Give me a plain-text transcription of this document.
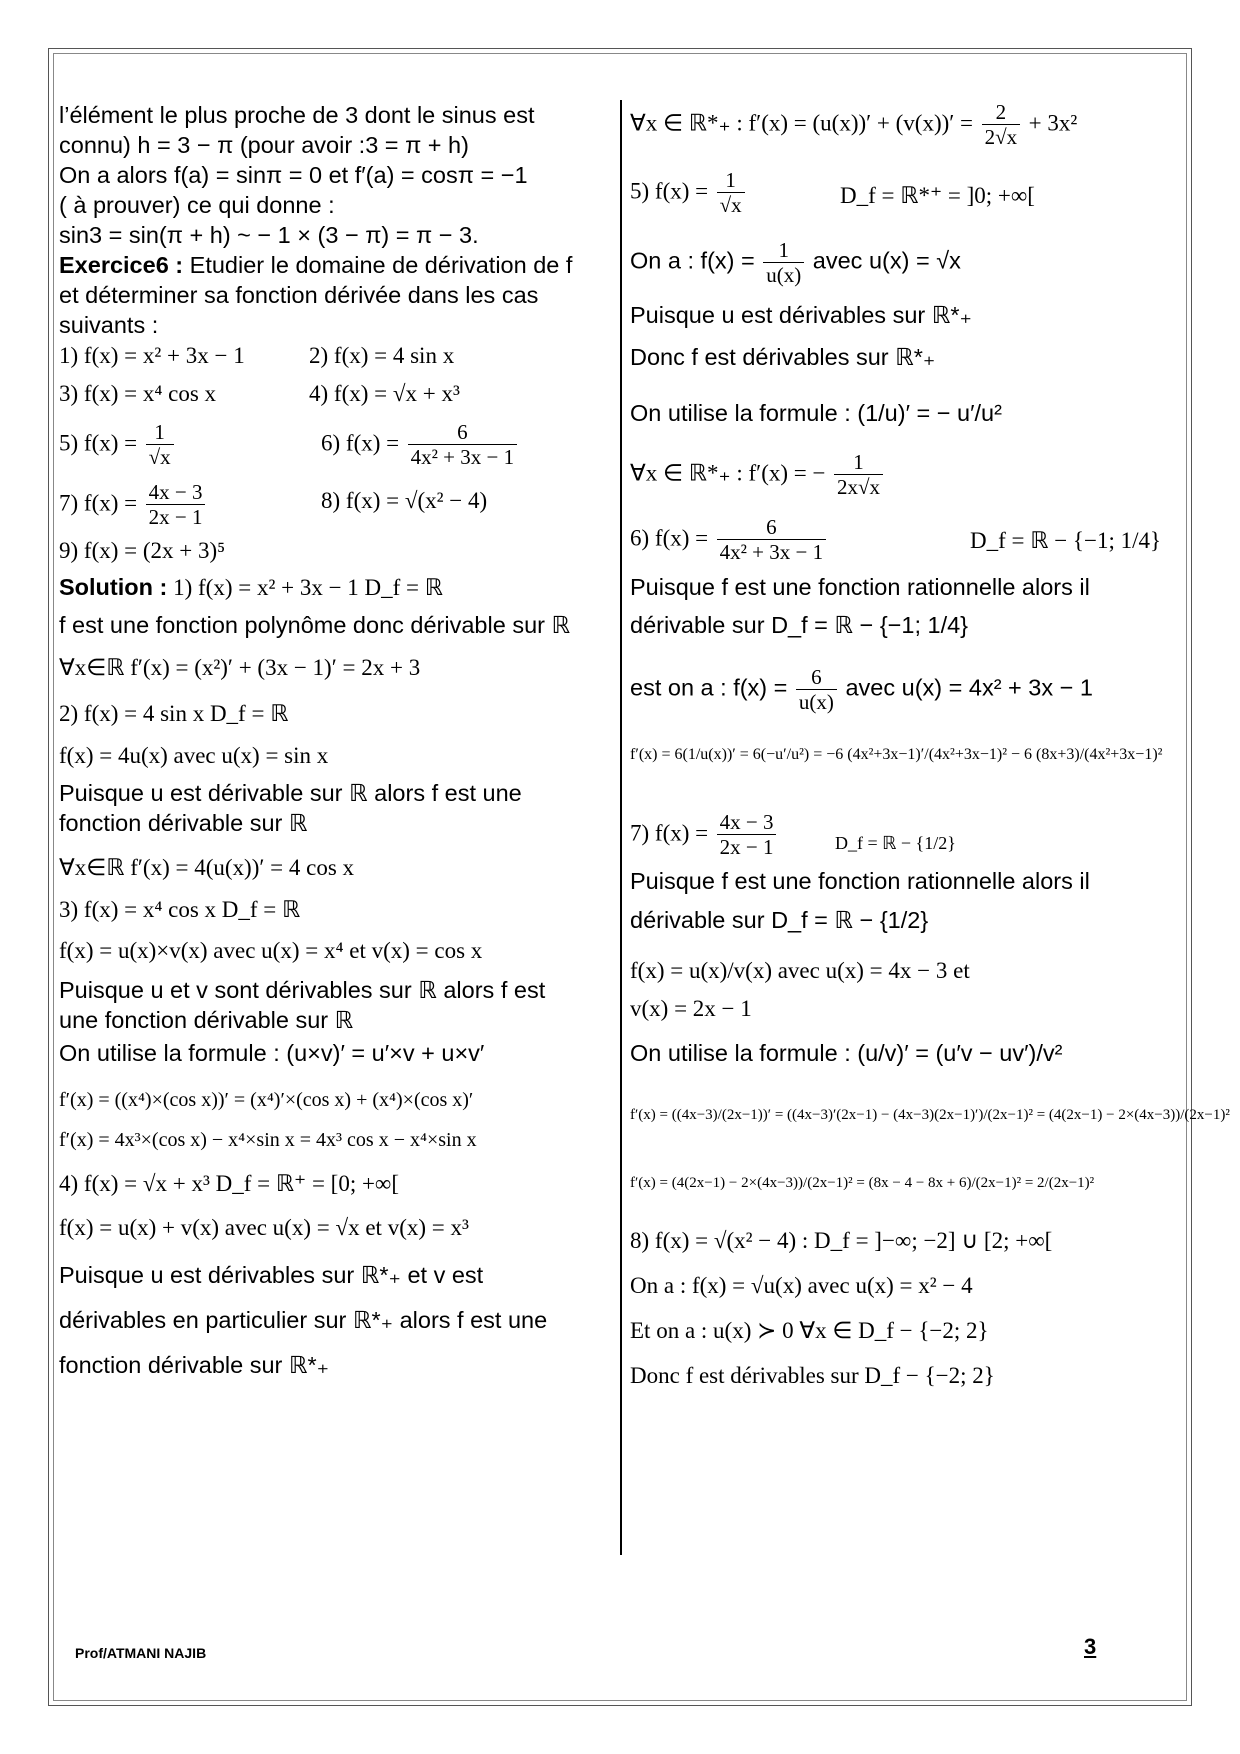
l’élément le plus proche de 3 dont le sinus est
connu) h = 3 − π (pour avoir :3 = π + h)
On a alors f(a) = sinπ = 0 et f′(a) = cosπ = −1
( à prouver) ce qui donne :
sin3 = sin(π + h) ~ − 1 × (3 − π) = π − 3.
Exercice6 : Etudier le domaine de dérivation de f
et déterminer sa fonction dérivée dans les cas
suivants :
1) f(x) = x² + 3x − 1	2) f(x) = 4 sin x
3) f(x) = x⁴ cos x	4) f(x) = √x + x³
5) $f(x) = \frac{1}{√x}$	6) $f(x) = \frac{6}{\text{4x² + 3x − 1}}$
7) $f(x) = \frac{4x - 3}{2x - 1}$	8) f(x) = √(x² − 4)
9) f(x) = (2x + 3)⁵
Solution : 1) f(x) = x² + 3x − 1 D_f = ℝ
f est une fonction polynôme donc dérivable sur ℝ
∀x∈ℝ f′(x) = (x²)′ + (3x − 1)′ = 2x + 3
2) f(x) = 4 sin x D_f = ℝ
f(x) = 4u(x) avec u(x) = sin x
Puisque u est dérivable sur ℝ alors f est une
fonction dérivable sur ℝ
∀x∈ℝ f′(x) = 4(u(x))′ = 4 cos x
3) f(x) = x⁴ cos x D_f = ℝ
f(x) = u(x)×v(x) avec u(x) = x⁴ et v(x) = cos x
Puisque u et v sont dérivables sur ℝ alors f est
une fonction dérivable sur ℝ
On utilise la formule : (u×v)′ = u′×v + u×v′
f′(x) = ((x⁴)×(cos x))′ = (x⁴)′×(cos x) + (x⁴)×(cos x)′
f′(x) = 4x³×(cos x) − x⁴×sin x = 4x³ cos x − x⁴×sin x
4) f(x) = √x + x³ D_f = ℝ⁺ = [0; +∞[
f(x) = u(x) + v(x) avec u(x) = √x et v(x) = x³
Puisque u est dérivables sur ℝ*₊ et v est
dérivables en particulier sur ℝ*₊ alors f est une
fonction dérivable sur ℝ*₊
∀x ∈ ℝ*₊ : $f'(x) = (u(x))' + (v(x))' = \frac{2}{2√x} + 3x^2$
5) $f(x) = \frac{1}{√x}$	D_f = ℝ*⁺ = ]0; +∞[
On a : $f(x) = \frac{1}{u(x)}$ avec u(x) = √x
Puisque u est dérivables sur ℝ*₊
Donc f est dérivables sur ℝ*₊
On utilise la formule : (1/u)′ = − u′/u²
∀x ∈ ℝ*₊ : f′(x) = − $\frac{1}{2x√x}$
6) $f(x) = \frac{6}{\text{4x² + 3x − 1}}$	D_f = ℝ − {−1; 1/4}
Puisque f est une fonction rationnelle alors il
dérivable sur D_f = ℝ − {−1; 1/4}
est on a : $f(x) = \frac{6}{u(x)}$ avec u(x) = 4x² + 3x − 1
f′(x) = 6(1/u(x))′ = 6(−u′/u²) = −6 (4x²+3x−1)′/(4x²+3x−1)² − 6 (8x+3)/(4x²+3x−1)²
7) $f(x) = \frac{4x - 3}{2x - 1}$	D_f = ℝ − {1/2}
Puisque f est une fonction rationnelle alors il
dérivable sur D_f = ℝ − {1/2}
f(x) = u(x)/v(x) avec u(x) = 4x − 3 et
v(x) = 2x − 1
On utilise la formule : (u/v)′ = (u′v − uv′)/v²
f′(x) = ((4x−3)/(2x−1))′ = ((4x−3)′(2x−1) − (4x−3)(2x−1)′)/(2x−1)² = (4(2x−1) − 2×(4x−3))/(2x−1)²
f′(x) = (4(2x−1) − 2×(4x−3))/(2x−1)² = (8x − 4 − 8x + 6)/(2x−1)² = 2/(2x−1)²
8) f(x) = √(x² − 4) : D_f = ]−∞; −2] ∪ [2; +∞[
On a : f(x) = √u(x) avec u(x) = x² − 4
Et on a : u(x) ≻ 0 ∀x ∈ D_f − {−2; 2}
Donc f est dérivables sur D_f − {−2; 2}
Prof/ATMANI NAJIB	3
